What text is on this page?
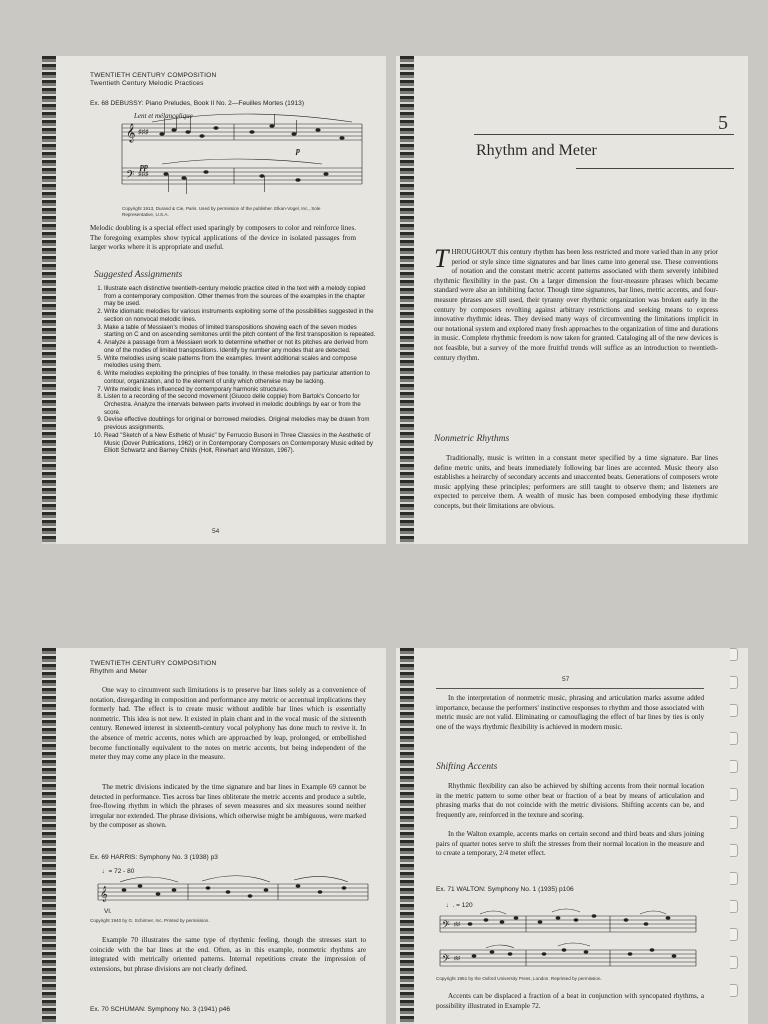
TWENTIETH CENTURY COMPOSITION
Twentieth Century Melodic Practices
Ex. 68 DEBUSSY: Piano Preludes, Book II No. 2—Feuilles Mortes (1913)
Lent et mélancolique
𝄞
𝄢
♯♯♯
♯♯♯
pp
p
Copyright 1913, Durand & Cie, Paris. Used by permission of the publisher. Elkan-Vogel, Inc., Sole Representative, U.S.A.

Melodic doubling is a special effect used sparingly by composers to color and reinforce lines. The foregoing examples show typical applications of the device in isolated passages from larger works where it is appropriate and useful.

Suggested Assignments
1. Illustrate each distinctive twentieth-century melodic practice cited in the text with a melody copied from a contemporary composition. Other themes from the sources of the examples in the chapter may be used.
2. Write idiomatic melodies for various instruments exploiting some of the possibilities suggested in the section on nonvocal melodic lines.
3. Make a table of Messiaen's modes of limited transpositions showing each of the seven modes starting on C and on ascending semitones until the pitch content of the first transposition is repeated.
4. Analyze a passage from a Messiaen work to determine whether or not its pitches are derived from one of the modes of limited transpositions. Identify by number any modes that are detected.
5. Write melodies using scale patterns from the examples. Invent additional scales and compose melodies using them.
6. Write melodies exploiting the principles of free tonality. In these melodies pay particular attention to contour, organization, and to the element of unity which otherwise may be lacking.
7. Write melodic lines influenced by contemporary harmonic structures.
8. Listen to a recording of the second movement (Giuoco delle coppie) from Bartok's Concerto for Orchestra. Analyze the intervals between parts involved in melodic doublings by ear or from the score.
9. Devise effective doublings for original or borrowed melodies. Original melodies may be drawn from previous assignments.
10. Read "Sketch of a New Esthetic of Music" by Ferruccio Busoni in Three Classics in the Aesthetic of Music (Dover Publications, 1962) or in Contemporary Composers on Contemporary Music edited by Elliott Schwartz and Barney Childs (Holt, Rinehart and Winston, 1967).
54
5
Rhythm and Meter

THROUGHOUT this century rhythm has been less restricted and more varied than in any prior period or style since time signatures and bar lines came into general use. These conventions of notation and the constant metric accent patterns associated with them severely inhibited rhythmic flexibility in the past. On a larger dimension the four-measure phrases which became standard were also an inhibiting factor. Though time signatures, bar lines, metric accents, and four-measure phrases are still used, their tyranny over rhythmic organization was broken early in the century by composers revolting against arbitrary restrictions and seeking means to express innovative rhythmic ideas. They devised many ways of circumventing the limitations implicit in our notational system and explored many fresh approaches to the organization of time and durations in music. Complete rhythmic freedom is now taken for granted. Cataloging all of the new devices is not feasible, but a survey of the more fruitful trends will suffice as an introduction to twentieth-century rhythm.

Nonmetric Rhythms

Traditionally, music is written in a constant meter specified by a time signature. Bar lines define metric units, and beats immediately following bar lines are accented. Music theory also establishes a heirarchy of secondary accents and unaccented beats. Generations of composers wrote music applying these principles; performers are still taught to observe them; and listeners are expected to perceive them. A wealth of music has been composed embodying these rhythmic concepts, but their limitations are obvious.

TWENTIETH CENTURY COMPOSITION
Rhythm and Meter

One way to circumvent such limitations is to preserve bar lines solely as a convenience of notation, disregarding in composition and performance any metric or accentual implications they formerly had. The effect is to create music without audible bar lines which is essentially nonmetric. This idea is not new. It existed in plain chant and in the vocal music of the sixteenth century. Renewed interest in sixteenth-century vocal polyphony has done much to revive it. In the absence of metric accents, notes which are approached by leap, prolonged, or embellished become functionally equivalent to the notes on metric accents, but being independent of the meter they may come any place in the measure.

The metric divisions indicated by the time signature and bar lines in Example 69 cannot be detected in performance. Ties across bar lines obliterate the metric accents and produce a subtle, free-flowing rhythm in which the phrases of seven measures and six measures sound neither irregular nor extended. The phrase divisions, which otherwise might be ambiguous, were marked by the composer as shown.

Ex. 69 HARRIS: Symphony No. 3 (1938) p3
♩= 72 - 80
𝄞
Vl.
Copyright 1940 by G. Schirmer, Inc. Printed by permission.

Example 70 illustrates the same type of rhythmic feeling, though the stresses start to coincide with the bar lines at the end. Often, as in this example, nonmetric rhythms are integrated with metrically oriented patterns. Internal repetitions create the impression of extensions, but phrase divisions are not clearly defined.

Ex. 70 SCHUMAN: Symphony No. 3 (1941) p46
57

In the interpretation of nonmetric music, phrasing and articulation marks assume added importance, because the performers' instinctive responses to rhythm and those associated with metric music are not valid. Eliminating or camouflaging the effect of bar lines by ties is only one of the ways rhythmic flexibility is achieved in modern music.

Shifting Accents

Rhythmic flexibility can also be achieved by shifting accents from their normal location in the metric pattern to some other beat or fraction of a beat by means of articulation and phrasing marks that do not coincide with the metric divisions. Shifting accents can be, and frequently are, reinforced in the texture and scoring.

In the Walton example, accents marks on certain second and third beats and slurs joining pairs of quarter notes serve to shift the stresses from their normal location in the measure and to create a temporary, 2/4 meter effect.

Ex. 71 WALTON: Symphony No. 1 (1935) p106
♩. = 120
𝄢
𝄢
♯♯
♯♯
Copyright 1951 by the Oxford University Press, London. Reprinted by permission.

Accents can be displaced a fraction of a beat in conjunction with syncopated rhythms, a possibility illustrated in Example 72.
